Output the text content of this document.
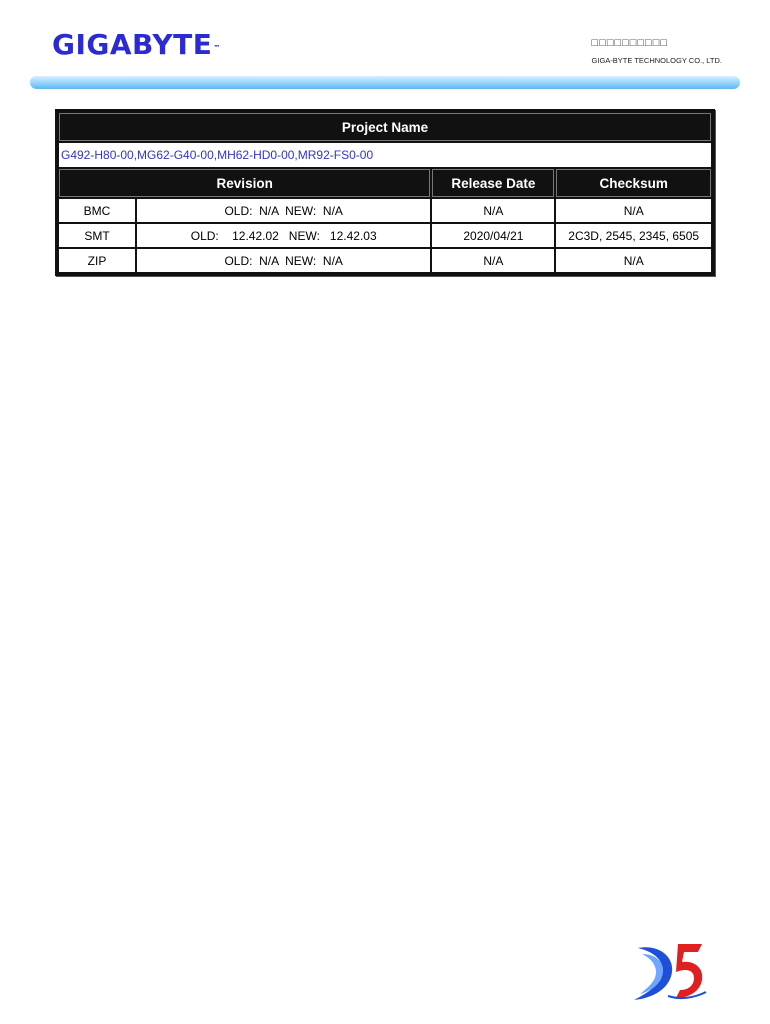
GIGABYTE™	□□□□□□□□□□
GIGA-BYTE TECHNOLOGY CO., LTD.
Project Name			
G492-H80-00,MG62-G40-00,MH62-HD0-00,MR92-FS0-00			
Revision		Release Date	Checksum
BMC	OLD:  N/A  NEW:  N/A	N/A	N/A
SMT	OLD:    12.42.02   NEW:   12.42.03	2020/04/21	2C3D, 2545, 2345, 6505
ZIP	OLD:  N/A  NEW:  N/A	N/A	N/A
